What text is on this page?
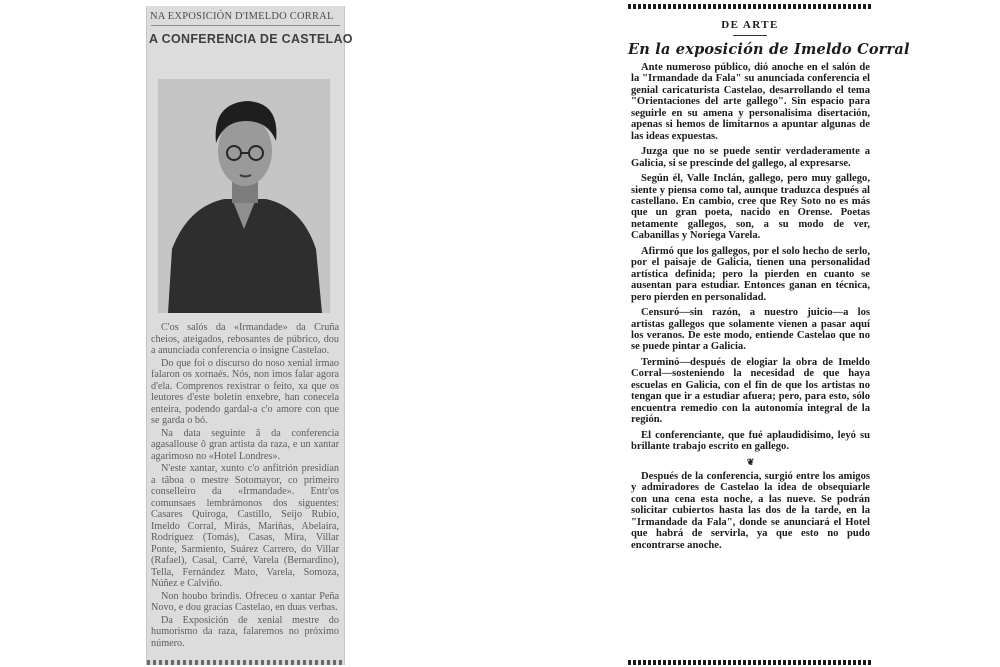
NA EXPOSICIÓN D'IMELDO CORRAL
A CONFERENCIA DE CASTELAO

C'os salós da «Irmandade» da Cruña cheios, ateigados, rebosantes de púbrico, dou a anunciada conferencia o insigne Castelao.

Do que foi o discurso do noso xenial irmao falaron os xornaés. Nós, non imos falar agora d'ela. Comprenos rexistrar o feito, xa que os leutores d'este boletín enxebre, han conecela enteira, podendo gardal-a c'o amore con que se garda o bó.

Na data seguinte â da conferencia agasallouse ô gran artista da raza, e un xantar agarimoso no «Hotel Londres».

N'este xantar, xunto c'o anfitrión presidían a tâboa o mestre Sotomayor, co primeiro conselleiro da «Irmandade». Entr'os comunsaes lembrámonos dos siguentes: Casares Quiroga, Castillo, Seijo Rubio, Imeldo Corral, Mirás, Mariñas, Abelaira, Rodríguez (Tomás), Casas, Mira, Villar Ponte, Sarmiento, Suárez Carrero, do Villar (Rafael), Casal, Carré, Varela (Bernardino), Tella, Fernández Mato, Varela, Somoza, Núñez e Calviño.

Non houbo brindis. Ofreceu o xantar Peña Novo, e dou gracias Castelao, en duas verbas.

Da Exposición de xenial mestre do humorismo da raza, falaremos no próximo número.

DE ARTE
En la exposición de Imeldo Corral

Ante numeroso público, dió anoche en el salón de la "Irmandade da Fala" su anunciada conferencia el genial caricaturista Castelao, desarrollando el tema "Orientaciones del arte gallego". Sin espacio para seguirle en su amena y personalisima disertación, apenas si hemos de limitarnos a apuntar algunas de las ideas expuestas.

Juzga que no se puede sentir verdaderamente a Galicia, si se prescinde del gallego, al expresarse.

Según él, Valle Inclán, gallego, pero muy gallego, siente y piensa como tal, aunque traduzca después al castellano. En cambio, cree que Rey Soto no es más que un gran poeta, nacido en Orense. Poetas netamente gallegos, son, a su modo de ver, Cabanillas y Noriega Varela.

Afirmó que los gallegos, por el solo hecho de serlo, por el paisaje de Galicia, tienen una personalidad artística definida; pero la pierden en cuanto se ausentan para estudiar. Entonces ganan en técnica, pero pierden en personalidad.

Censuró—sin razón, a nuestro juicio—a los artistas gallegos que solamente vienen a pasar aquí los veranos. De este modo, entiende Castelao que no se puede pintar a Galicia.

Terminó—después de elogiar la obra de Imeldo Corral—sosteniendo la necesidad de que haya escuelas en Galicia, con el fin de que los artistas no tengan que ir a estudiar afuera; pero, para esto, sólo encuentra remedio con la autonomía integral de la región.

El conferenciante, que fué aplaudidisimo, leyó su brillante trabajo escrito en gallego.

❦

Después de la conferencia, surgió entre los amigos y admiradores de Castelao la idea de obsequiarle con una cena esta noche, a las nueve. Se podrán solicitar cubiertos hasta las dos de la tarde, en la "Irmandade da Fala", donde se anunciará el Hotel que habrá de servirla, ya que esto no pudo encontrarse anoche.
